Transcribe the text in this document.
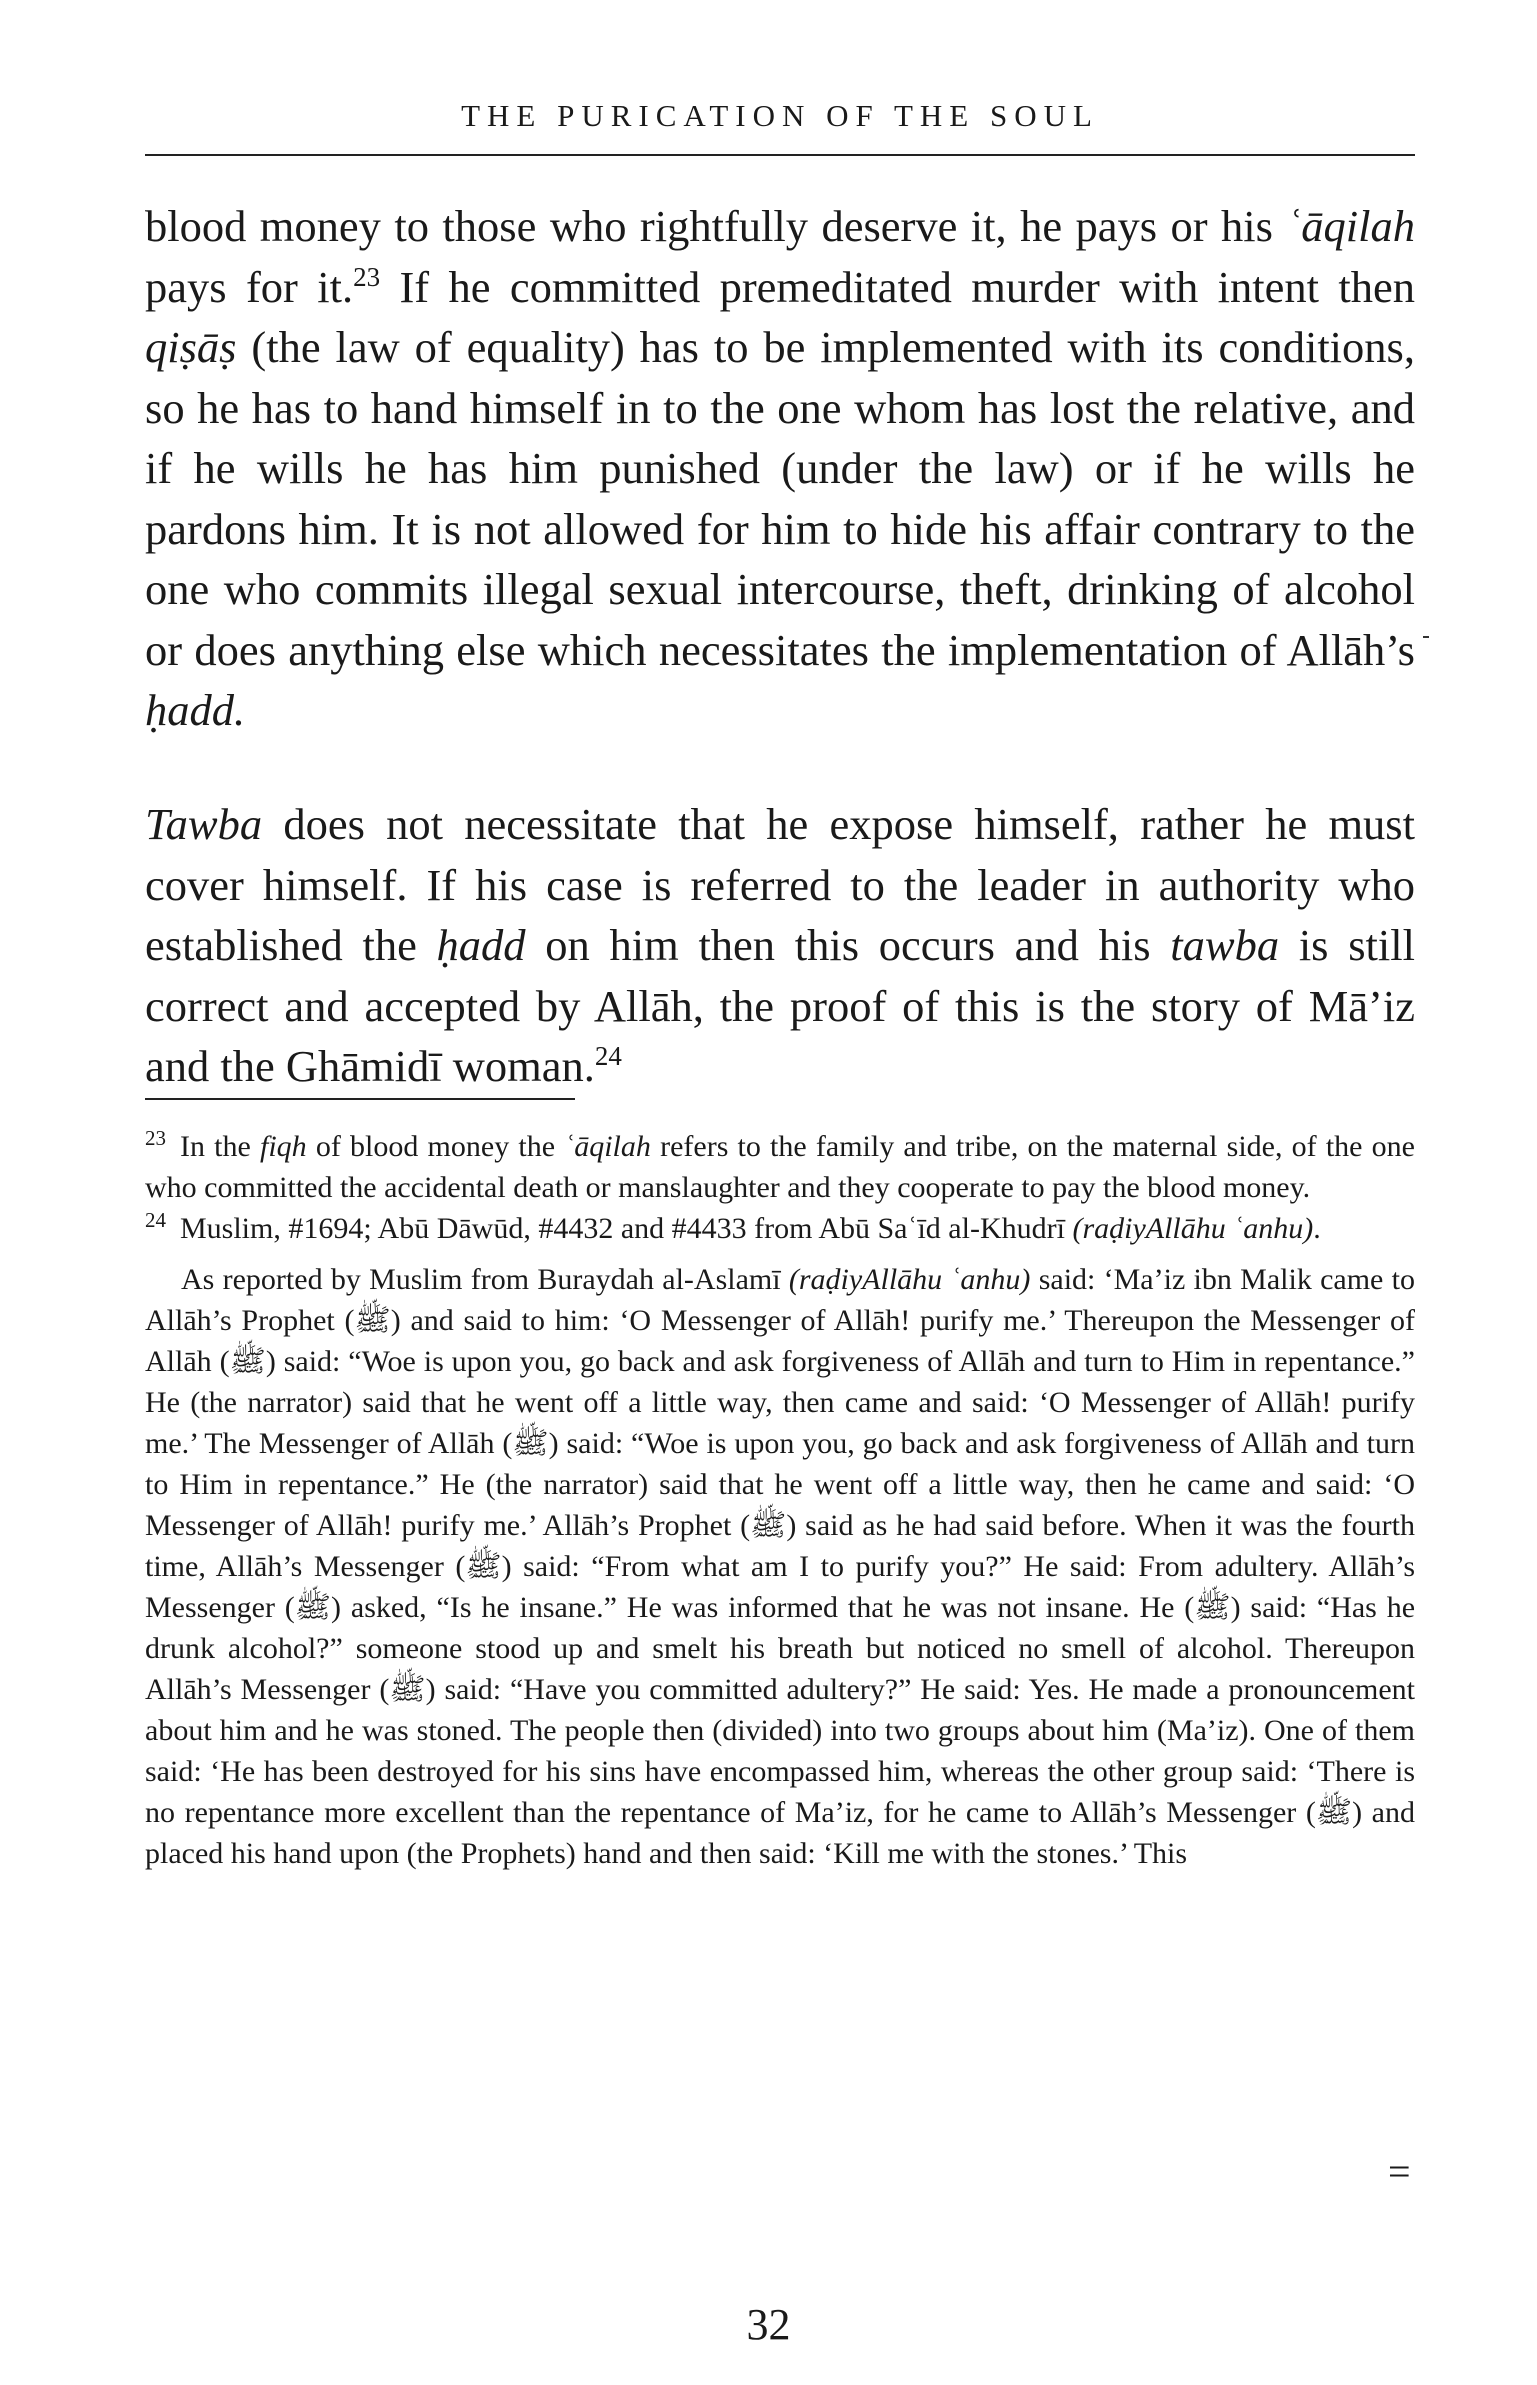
THE PURICATION OF THE SOUL

blood money to those who rightfully deserve it, he pays or his ʿāqilah pays for it.$^{23}$ If he committed premeditated murder with intent then qiṣāṣ (the law of equality) has to be implemented with its conditions, so he has to hand himself in to the one whom has lost the relative, and if he wills he has him punished (under the law) or if he wills he pardons him. It is not allowed for him to hide his affair contrary to the one who commits illegal sexual intercourse, theft, drinking of alcohol or does anything else which necessitates the implementation of Allāh’s ḥadd.

Tawba does not necessitate that he expose himself, rather he must cover himself. If his case is referred to the leader in authority who established the ḥadd on him then this occurs and his tawba is still correct and accepted by Allāh, the proof of this is the story of Mā’iz and the Ghāmidī woman.$^{24}$

$^{23}$ In the fiqh of blood money the ʿāqilah refers to the family and tribe, on the maternal side, of the one who committed the accidental death or manslaughter and they cooperate to pay the blood money.

$^{24}$ Muslim, #1694; Abū Dāwūd, #4432 and #4433 from Abū Saʿīd al-Khudrī (raḍiyAllāhu ʿanhu).

As reported by Muslim from Buraydah al-Aslamī (raḍiyAllāhu ʿanhu) said: ‘Ma’iz ibn Malik came to Allāh’s Prophet (ﷺ) and said to him: ‘O Messenger of Allāh! purify me.’ Thereupon the Messenger of Allāh (ﷺ) said: “Woe is upon you, go back and ask forgiveness of Allāh and turn to Him in repentance.” He (the narrator) said that he went off a little way, then came and said: ‘O Messenger of Allāh! purify me.’ The Messenger of Allāh (ﷺ) said: “Woe is upon you, go back and ask forgiveness of Allāh and turn to Him in repentance.” He (the narrator) said that he went off a little way, then he came and said: ‘O Messenger of Allāh! purify me.’ Allāh’s Prophet (ﷺ) said as he had said before. When it was the fourth time, Allāh’s Messenger (ﷺ) said: “From what am I to purify you?” He said: From adultery. Allāh’s Messenger (ﷺ) asked, “Is he insane.” He was informed that he was not insane. He (ﷺ) said: “Has he drunk alcohol?” someone stood up and smelt his breath but noticed no smell of alcohol. Thereupon Allāh’s Messenger (ﷺ) said: “Have you committed adultery?” He said: Yes. He made a pronouncement about him and he was stoned. The people then (divided) into two groups about him (Ma’iz). One of them said: ‘He has been destroyed for his sins have encompassed him, whereas the other group said: ‘There is no repentance more excellent than the repentance of Ma’iz, for he came to Allāh’s Messenger (ﷺ) and placed his hand upon (the Prophets) hand and then said: ‘Kill me with the stones.’ This

=
32
